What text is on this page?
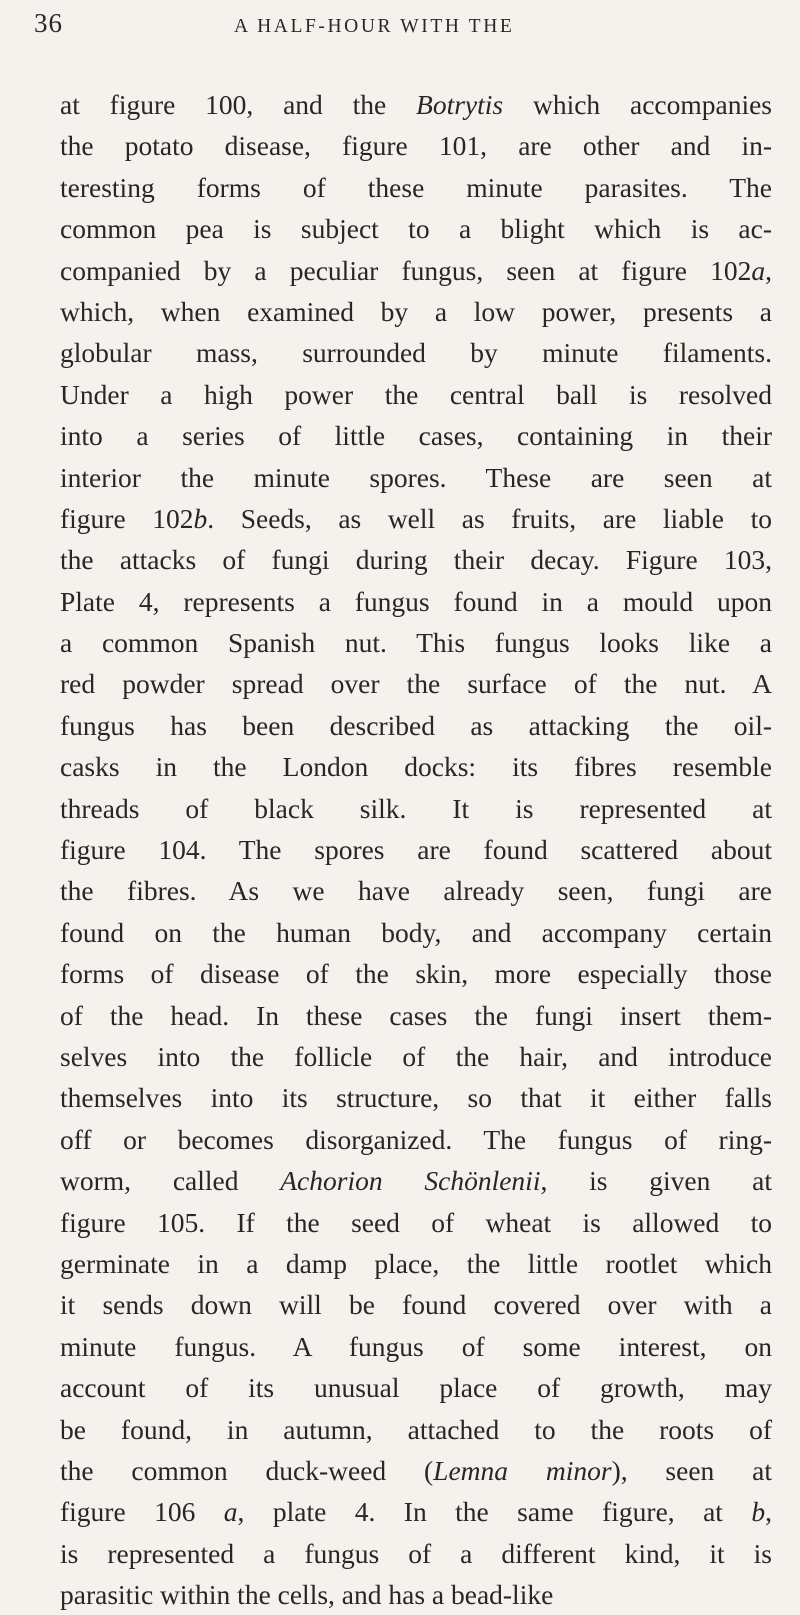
36	A HALF-HOUR WITH THE
at figure 100, and the Botrytis which accompanies
the potato disease, figure 101, are other and in-
teresting forms of these minute parasites. The
common pea is subject to a blight which is ac-
companied by a peculiar fungus, seen at figure 102a,
which, when examined by a low power, presents a
globular mass, surrounded by minute filaments.
Under a high power the central ball is resolved
into a series of little cases, containing in their
interior the minute spores. These are seen at
figure 102b. Seeds, as well as fruits, are liable to
the attacks of fungi during their decay. Figure 103,
Plate 4, represents a fungus found in a mould upon
a common Spanish nut. This fungus looks like a
red powder spread over the surface of the nut. A
fungus has been described as attacking the oil-
casks in the London docks: its fibres resemble
threads of black silk. It is represented at
figure 104. The spores are found scattered about
the fibres. As we have already seen, fungi are
found on the human body, and accompany certain
forms of disease of the skin, more especially those
of the head. In these cases the fungi insert them-
selves into the follicle of the hair, and introduce
themselves into its structure, so that it either falls
off or becomes disorganized. The fungus of ring-
worm, called Achorion Schönlenii, is given at
figure 105. If the seed of wheat is allowed to
germinate in a damp place, the little rootlet which
it sends down will be found covered over with a
minute fungus. A fungus of some interest, on
account of its unusual place of growth, may
be found, in autumn, attached to the roots of
the common duck-weed (Lemna minor), seen at
figure 106 a, plate 4. In the same figure, at b,
is represented a fungus of a different kind, it is
parasitic within the cells, and has a bead-like
